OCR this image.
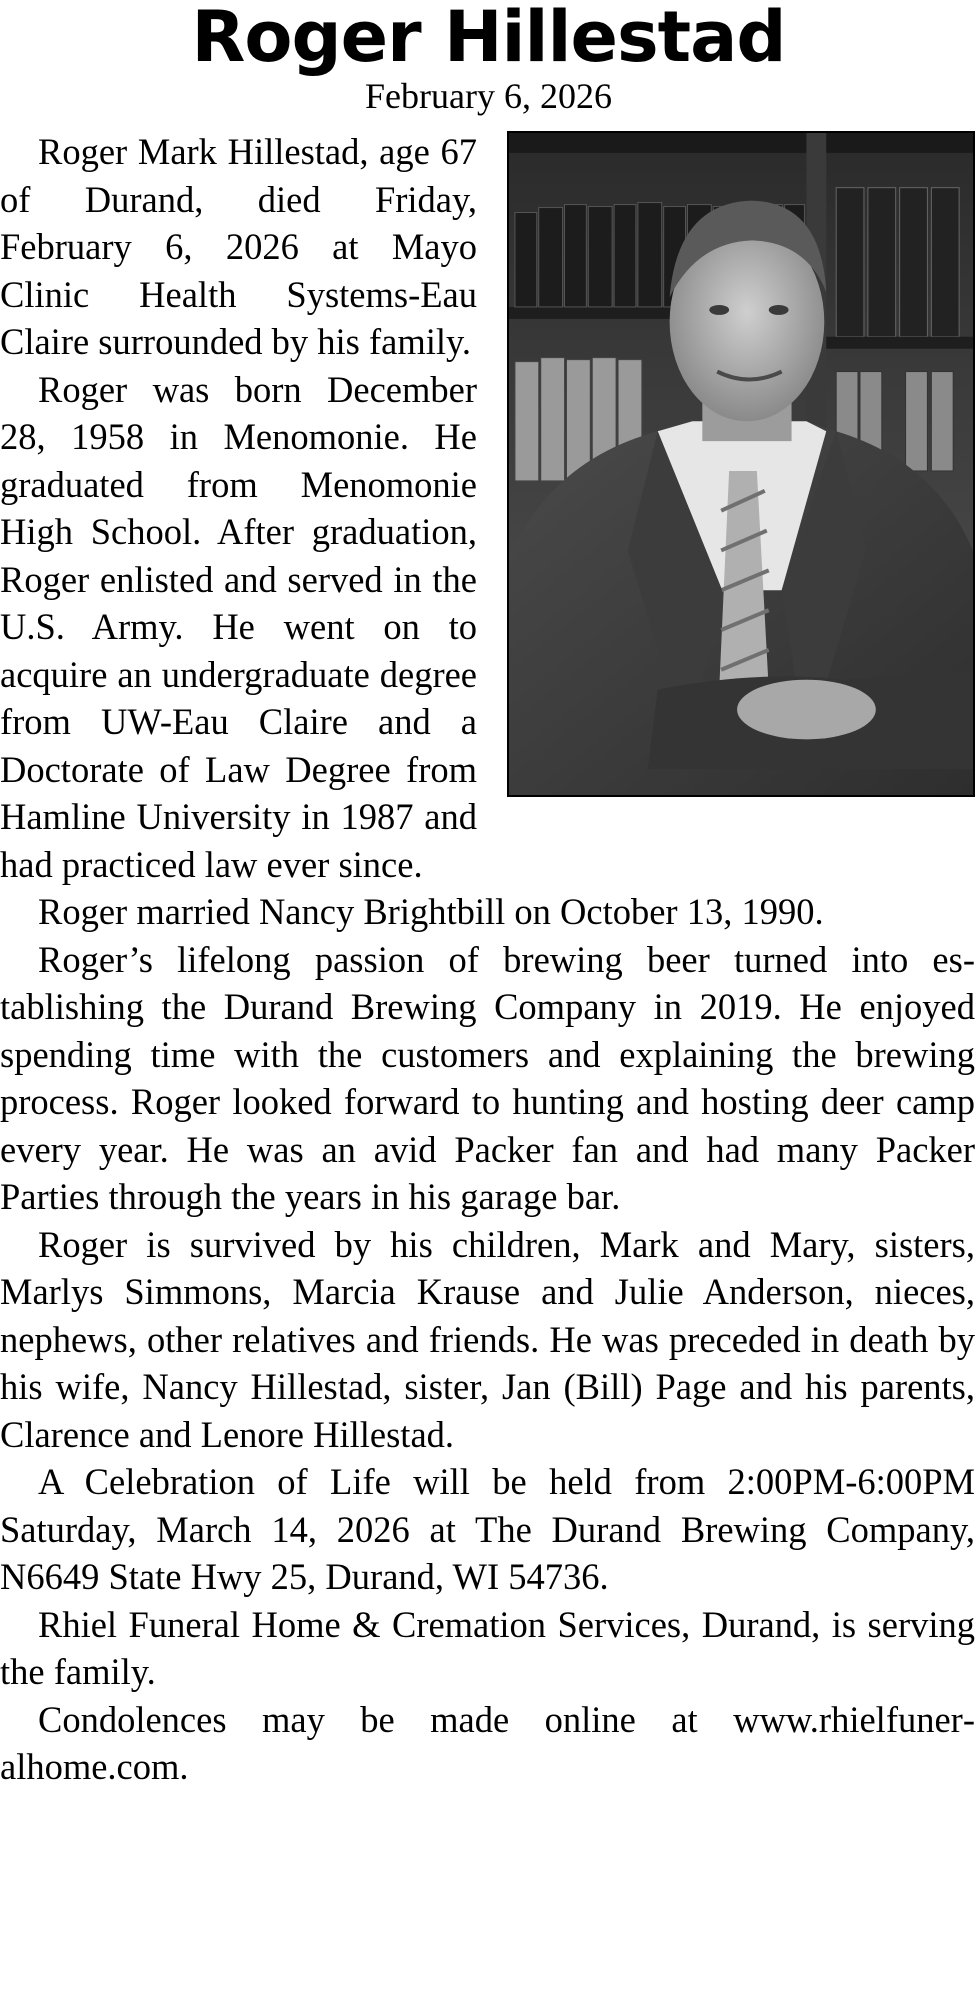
Roger Hillestad
February 6, 2026

Roger Mark Hillestad, age 67 of Durand, died Friday, February 6, 2026 at Mayo Clinic Health Systems-Eau Claire surrounded by his family.

Roger was born December 28, 1958 in Menomonie. He graduated from Menomonie High School. After graduation, Roger enlisted and served in the U.S. Army. He went on to acquire an undergraduate degree from UW-Eau Claire and a Doctorate of Law Degree from Hamline University in 1987 and had practiced law ever since.

Roger married Nancy Brightbill on October 13, 1990.

Roger’s lifelong passion of brewing beer turned into establishing the Durand Brewing Company in 2019. He enjoyed spending time with the customers and explaining the brewing process. Roger looked forward to hunting and hosting deer camp every year. He was an avid Packer fan and had many Packer Parties through the years in his garage bar.

Roger is survived by his children, Mark and Mary, sisters, Marlys Simmons, Marcia Krause and Julie Anderson, nieces, nephews, other relatives and friends. He was preceded in death by his wife, Nancy Hillestad, sister, Jan (Bill) Page and his parents, Clarence and Lenore Hillestad.

A Celebration of Life will be held from 2:00PM-6:00PM Saturday, March 14, 2026 at The Durand Brewing Company, N6649 State Hwy 25, Durand, WI 54736.

Rhiel Funeral Home & Cremation Services, Durand, is serving the family.

Condolences may be made online at www.rhielfuneralhome.com.
